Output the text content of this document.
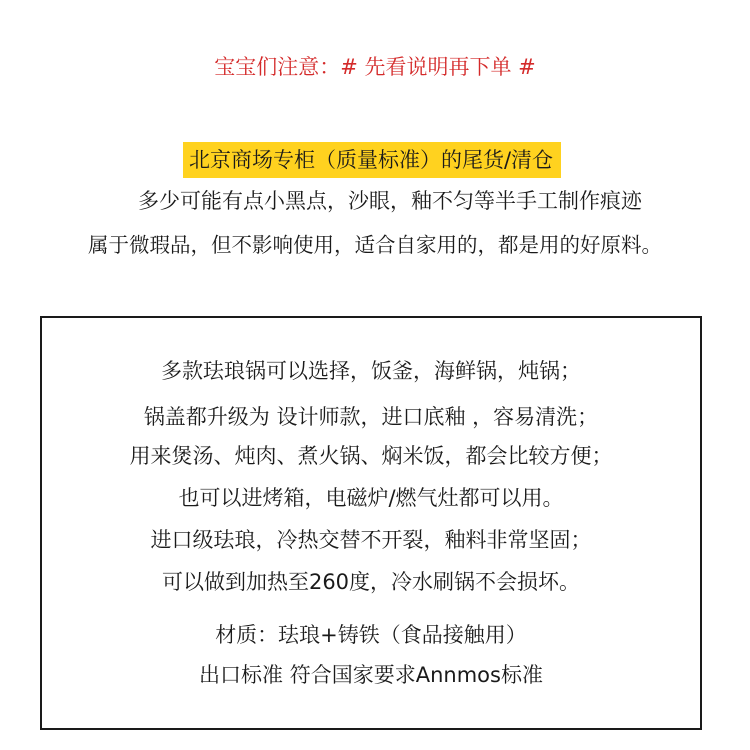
宝宝们注意：# 先看说明再下单 #
北京商场专柜（质量标准）的尾货/清仓
多少可能有点小黑点，沙眼，釉不匀等半手工制作痕迹
属于微瑕品，但不影响使用，适合自家用的，都是用的好原料。
多款珐琅锅可以选择，饭釜，海鲜锅，炖锅；
锅盖都升级为 设计师款，进口底釉 ，容易清洗；
用来煲汤、炖肉、煮火锅、焖米饭，都会比较方便；
也可以进烤箱，电磁炉/燃气灶都可以用。
进口级珐琅，冷热交替不开裂，釉料非常坚固；
可以做到加热至260度，冷水刷锅不会损坏。
材质：珐琅+铸铁（食品接触用）
出口标准 符合国家要求Annmos标准
